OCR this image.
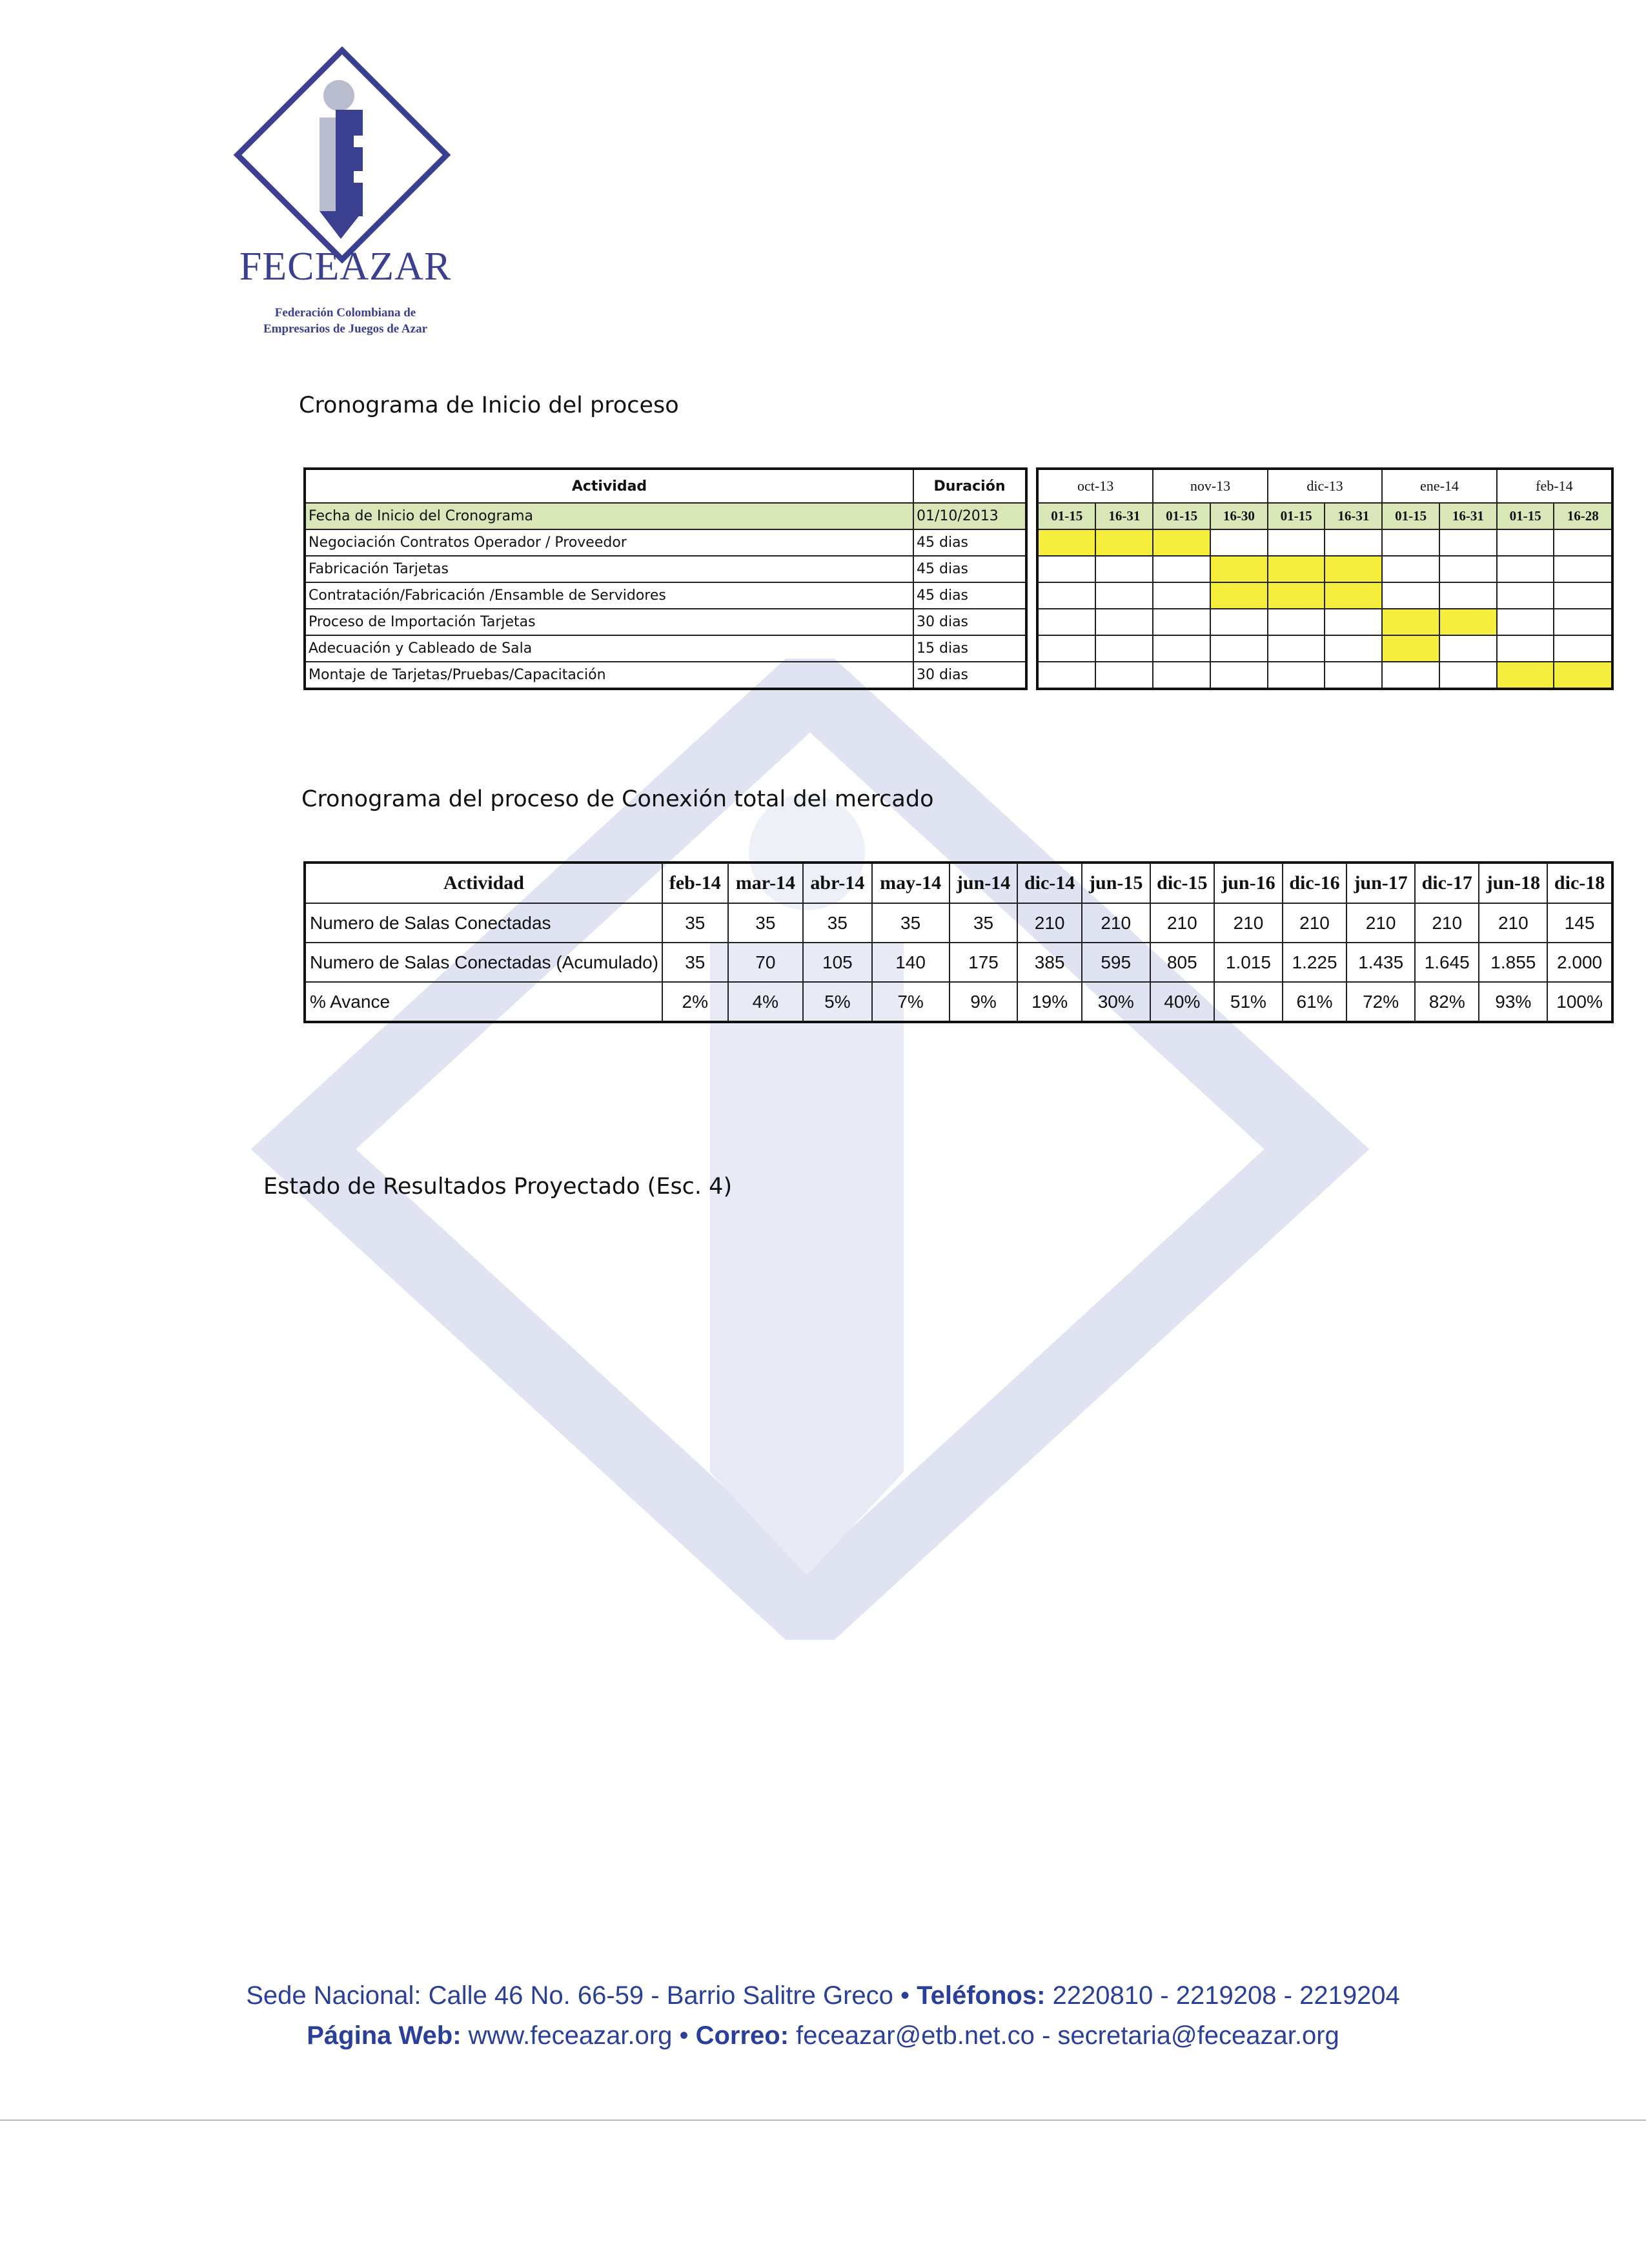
FECEAZAR
Federación Colombiana de
Empresarios de Juegos de Azar
Cronograma de Inicio del proceso
Actividad	Duración
Fecha de Inicio del Cronograma	01/10/2013
Negociación Contratos Operador / Proveedor	45 dias
Fabricación Tarjetas	45 dias
Contratación/Fabricación /Ensamble de Servidores	45 dias
Proceso de Importación Tarjetas	30 dias
Adecuación y Cableado de Sala	15 dias
Montaje de Tarjetas/Pruebas/Capacitación	30 dias
oct-13		nov-13		dic-13		ene-14		feb-14	
01-15	16-31	01-15	16-30	01-15	16-31	01-15	16-31	01-15	16-28

Cronograma del proceso de Conexión total del mercado
Actividad	feb-14	mar-14	abr-14	may-14	jun-14	dic-14	jun-15	dic-15	jun-16	dic-16	jun-17	dic-17	jun-18	dic-18
Numero de Salas Conectadas	35	35	35	35	35	210	210	210	210	210	210	210	210	145
Numero de Salas Conectadas (Acumulado)	35	70	105	140	175	385	595	805	1.015	1.225	1.435	1.645	1.855	2.000
% Avance	2%	4%	5%	7%	9%	19%	30%	40%	51%	61%	72%	82%	93%	100%
Estado de Resultados Proyectado (Esc. 4)
Sede Nacional: Calle 46 No. 66-59 - Barrio Salitre Greco • Teléfonos: 2220810 - 2219208 - 2219204
Página Web: www.feceazar.org • Correo: feceazar@etb.net.co - secretaria@feceazar.org
